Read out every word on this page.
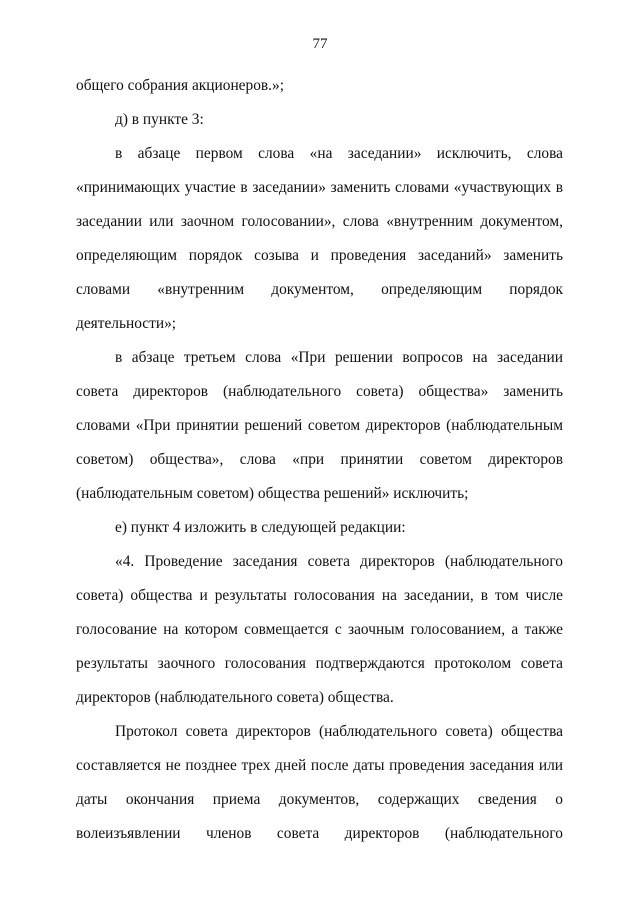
77

общего собрания акционеров.»;

д) в пункте 3:

в абзаце первом слова «на заседании» исключить, слова «принимающих участие в заседании» заменить словами «участвующих в заседании или заочном голосовании», слова «внутренним документом, определяющим порядок созыва и проведения заседаний» заменить словами «внутренним документом, определяющим порядок деятельности»;

в абзаце третьем слова «При решении вопросов на заседании совета директоров (наблюдательного совета) общества» заменить словами «При принятии решений советом директоров (наблюдательным советом) общества», слова «при принятии советом директоров (наблюдательным советом) общества решений» исключить;

е) пункт 4 изложить в следующей редакции:

«4. Проведение заседания совета директоров (наблюдательного совета) общества и результаты голосования на заседании, в том числе голосование на котором совмещается с заочным голосованием, а также результаты заочного голосования подтверждаются протоколом совета директоров (наблюдательного совета) общества.

Протокол совета директоров (наблюдательного совета) общества составляется не позднее трех дней после даты проведения заседания или даты окончания приема документов, содержащих сведения о волеизъявлении членов совета директоров (наблюдательного
